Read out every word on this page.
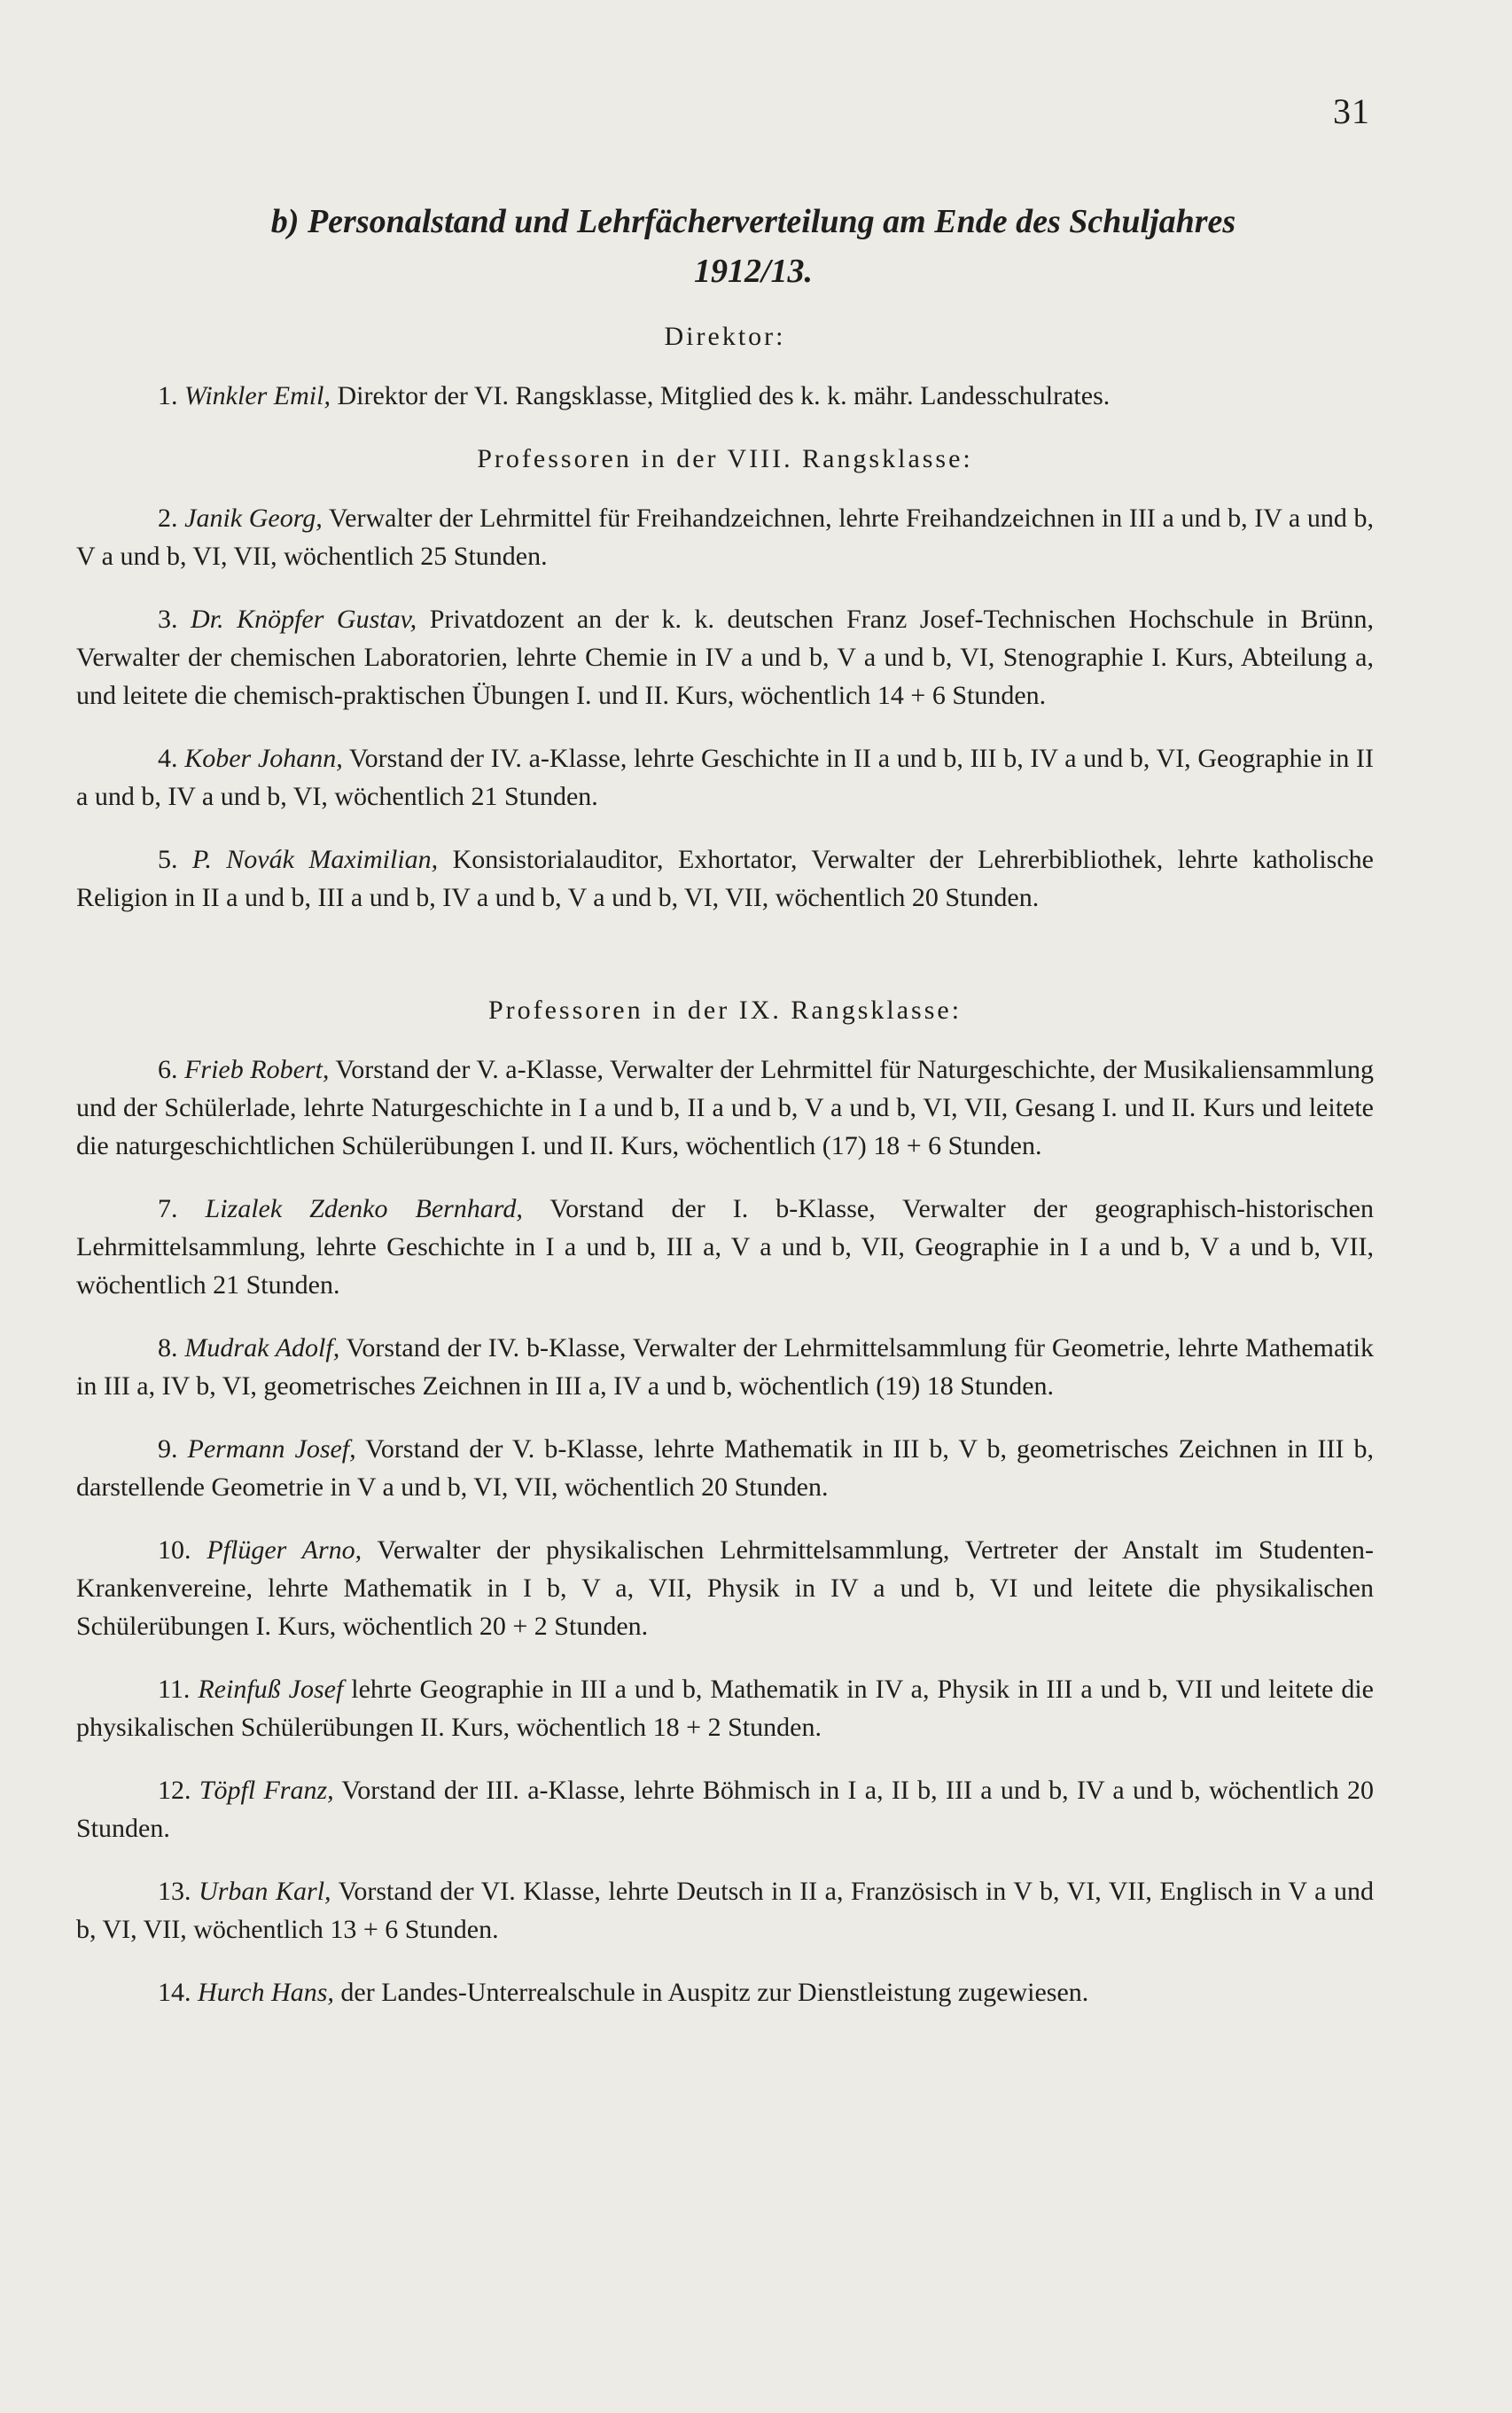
31
b) Personalstand und Lehrfächerverteilung am Ende des Schuljahres
1912/13.

Direktor:

1. Winkler Emil, Direktor der VI. Rangsklasse, Mitglied des k. k. mähr. Landesschulrates.

Professoren in der VIII. Rangsklasse:

2. Janik Georg, Verwalter der Lehrmittel für Freihandzeichnen, lehrte Freihandzeichnen in III a und b, IV a und b, V a und b, VI, VII, wöchentlich 25 Stunden.

3. Dr. Knöpfer Gustav, Privatdozent an der k. k. deutschen Franz Josef-Technischen Hochschule in Brünn, Verwalter der chemischen Laboratorien, lehrte Chemie in IV a und b, V a und b, VI, Stenographie I. Kurs, Abteilung a, und leitete die chemisch-praktischen Übungen I. und II. Kurs, wöchentlich 14 + 6 Stunden.

4. Kober Johann, Vorstand der IV. a-Klasse, lehrte Geschichte in II a und b, III b, IV a und b, VI, Geographie in II a und b, IV a und b, VI, wöchentlich 21 Stunden.

5. P. Novák Maximilian, Konsistorialauditor, Exhortator, Verwalter der Lehrerbibliothek, lehrte katholische Religion in II a und b, III a und b, IV a und b, V a und b, VI, VII, wöchentlich 20 Stunden.

Professoren in der IX. Rangsklasse:

6. Frieb Robert, Vorstand der V. a-Klasse, Verwalter der Lehrmittel für Naturgeschichte, der Musikaliensammlung und der Schülerlade, lehrte Naturgeschichte in I a und b, II a und b, V a und b, VI, VII, Gesang I. und II. Kurs und leitete die naturgeschichtlichen Schülerübungen I. und II. Kurs, wöchentlich (17) 18 + 6 Stunden.

7. Lizalek Zdenko Bernhard, Vorstand der I. b-Klasse, Verwalter der geographisch-historischen Lehrmittelsammlung, lehrte Geschichte in I a und b, III a, V a und b, VII, Geographie in I a und b, V a und b, VII, wöchentlich 21 Stunden.

8. Mudrak Adolf, Vorstand der IV. b-Klasse, Verwalter der Lehrmittelsammlung für Geometrie, lehrte Mathematik in III a, IV b, VI, geometrisches Zeichnen in III a, IV a und b, wöchentlich (19) 18 Stunden.

9. Permann Josef, Vorstand der V. b-Klasse, lehrte Mathematik in III b, V b, geometrisches Zeichnen in III b, darstellende Geometrie in V a und b, VI, VII, wöchentlich 20 Stunden.

10. Pflüger Arno, Verwalter der physikalischen Lehrmittelsammlung, Vertreter der Anstalt im Studenten-Krankenvereine, lehrte Mathematik in I b, V a, VII, Physik in IV a und b, VI und leitete die physikalischen Schülerübungen I. Kurs, wöchentlich 20 + 2 Stunden.

11. Reinfuß Josef lehrte Geographie in III a und b, Mathematik in IV a, Physik in III a und b, VII und leitete die physikalischen Schülerübungen II. Kurs, wöchentlich 18 + 2 Stunden.

12. Töpfl Franz, Vorstand der III. a-Klasse, lehrte Böhmisch in I a, II b, III a und b, IV a und b, wöchentlich 20 Stunden.

13. Urban Karl, Vorstand der VI. Klasse, lehrte Deutsch in II a, Französisch in V b, VI, VII, Englisch in V a und b, VI, VII, wöchentlich 13 + 6 Stunden.

14. Hurch Hans, der Landes-Unterrealschule in Auspitz zur Dienstleistung zugewiesen.
